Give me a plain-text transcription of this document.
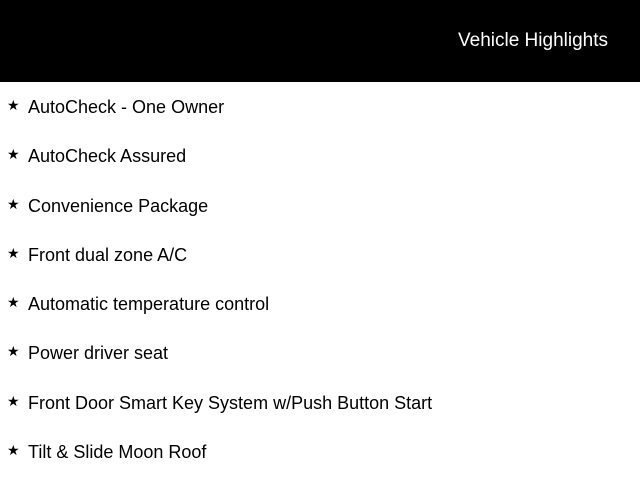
Vehicle Highlights
★ AutoCheck - One Owner
★ AutoCheck Assured
★ Convenience Package
★ Front dual zone A/C
★ Automatic temperature control
★ Power driver seat
★ Front Door Smart Key System w/Push Button Start
★ Tilt & Slide Moon Roof
